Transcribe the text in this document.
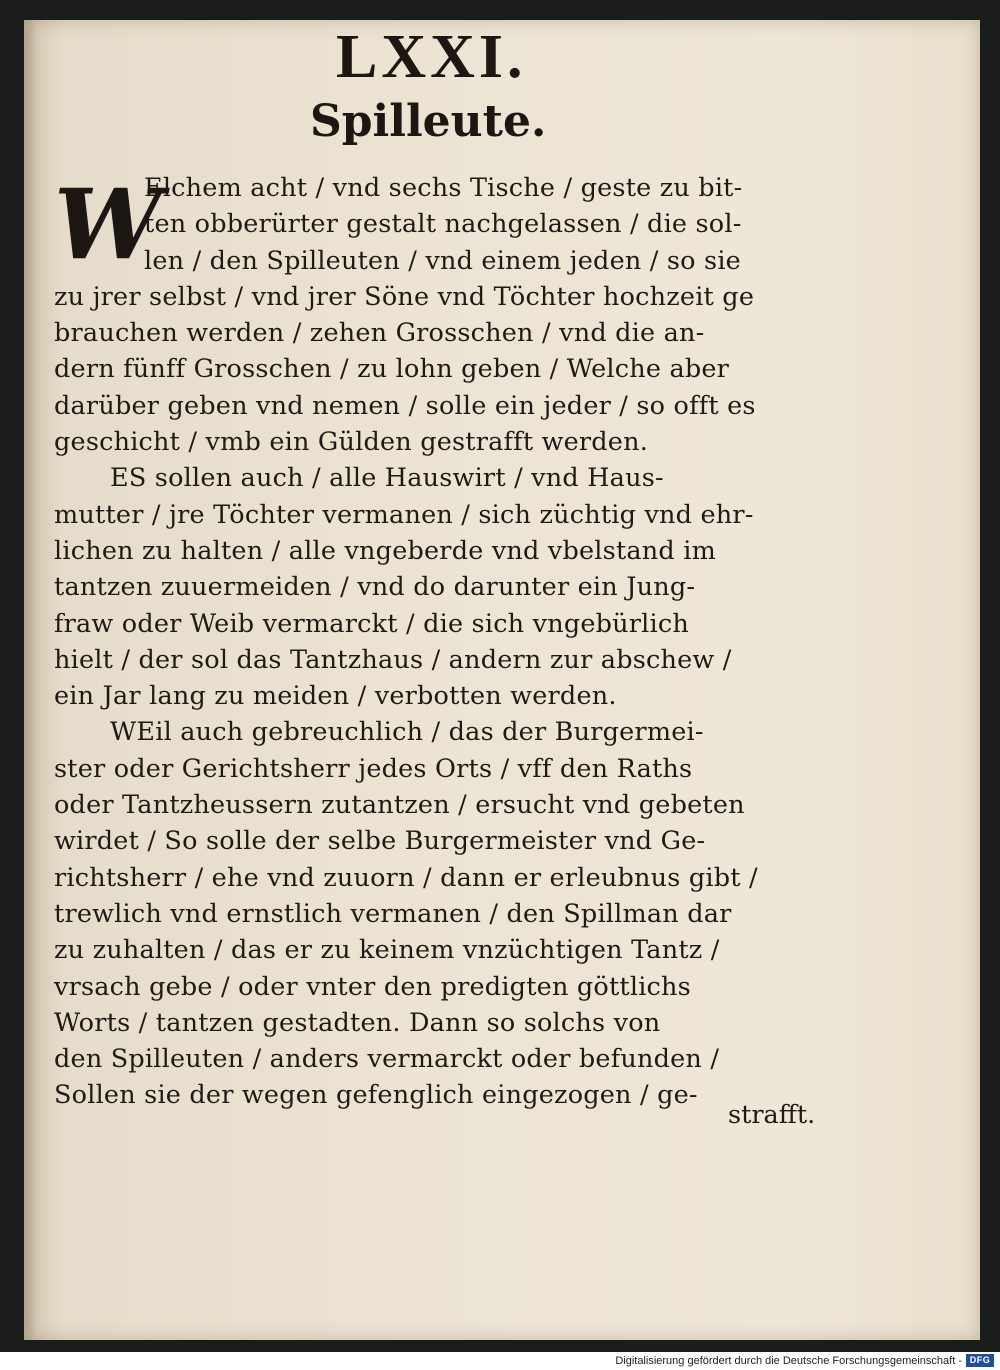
LXXI.
Spilleute.
W
Elchem acht / vnd sechs Tische / geste zu bit-
ten obberürter gestalt nachgelassen / die sol-
len / den Spilleuten / vnd einem jeden / so sie
zu jrer selbst / vnd jrer Söne vnd Töchter hochzeit ge
brauchen werden / zehen Grosschen / vnd die an-
dern fünff Grosschen / zu lohn geben / Welche aber
darüber geben vnd nemen / solle ein jeder / so offt es
geschicht / vmb ein Gülden gestrafft werden.
ES sollen auch / alle Hauswirt / vnd Haus-
mutter / jre Töchter vermanen / sich züchtig vnd ehr-
lichen zu halten / alle vngeberde vnd vbelstand im
tantzen zuuermeiden / vnd do darunter ein Jung-
fraw oder Weib vermarckt / die sich vngebürlich
hielt / der sol das Tantzhaus / andern zur abschew /
ein Jar lang zu meiden / verbotten werden.
WEil auch gebreuchlich / das der Burgermei-
ster oder Gerichtsherr jedes Orts / vff den Raths
oder Tantzheussern zutantzen / ersucht vnd gebeten
wirdet / So solle der selbe Burgermeister vnd Ge-
richtsherr / ehe vnd zuuorn / dann er erleubnus gibt /
trewlich vnd ernstlich vermanen / den Spillman dar
zu zuhalten / das er zu keinem vnzüchtigen Tantz /
vrsach gebe / oder vnter den predigten göttlichs
Worts / tantzen gestadten. Dann so solchs von
den Spilleuten / anders vermarckt oder befunden /
Sollen sie der wegen gefenglich eingezogen / ge-
strafft.
Digitalisierung gefördert durch die Deutsche Forschungsgemeinschaft - DFG
